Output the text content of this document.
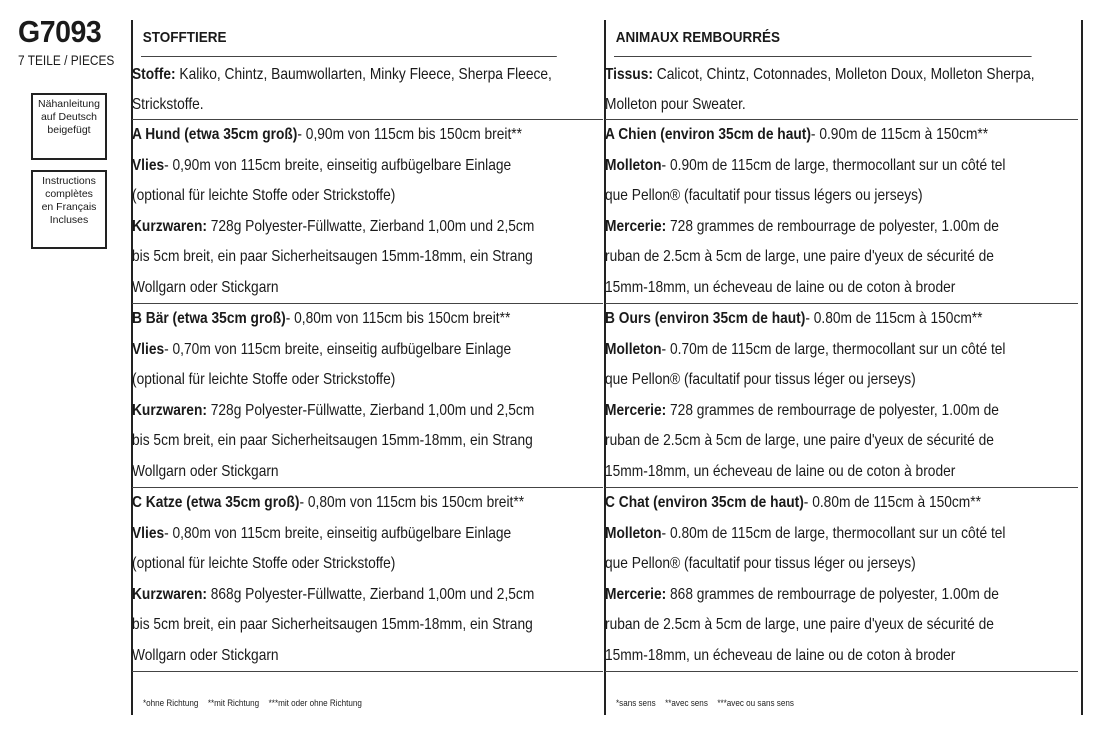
G7093
7 TEILE / PIECES
Nähanleitung
auf Deutsch
beigefügt
Instructions
complètes
en Français
Incluses
STOFFTIERE
Stoffe: Kaliko, Chintz, Baumwollarten, Minky Fleece, Sherpa Fleece,
Strickstoffe.
A Hund (etwa 35cm groß)- 0,90m von 115cm bis 150cm breit**
Vlies- 0,90m von 115cm breite, einseitig aufbügelbare Einlage
(optional für leichte Stoffe oder Strickstoffe)
Kurzwaren: 728g Polyester-Füllwatte, Zierband 1,00m und 2,5cm
bis 5cm breit, ein paar Sicherheitsaugen 15mm-18mm, ein Strang
Wollgarn oder Stickgarn
B Bär (etwa 35cm groß)- 0,80m von 115cm bis 150cm breit**
Vlies- 0,70m von 115cm breite, einseitig aufbügelbare Einlage
(optional für leichte Stoffe oder Strickstoffe)
Kurzwaren: 728g Polyester-Füllwatte, Zierband 1,00m und 2,5cm
bis 5cm breit, ein paar Sicherheitsaugen 15mm-18mm, ein Strang
Wollgarn oder Stickgarn
C Katze (etwa 35cm groß)- 0,80m von 115cm bis 150cm breit**
Vlies- 0,80m von 115cm breite, einseitig aufbügelbare Einlage
(optional für leichte Stoffe oder Strickstoffe)
Kurzwaren: 868g Polyester-Füllwatte, Zierband 1,00m und 2,5cm
bis 5cm breit, ein paar Sicherheitsaugen 15mm-18mm, ein Strang
Wollgarn oder Stickgarn
ANIMAUX REMBOURRÉS
Tissus: Calicot, Chintz, Cotonnades, Molleton Doux, Molleton Sherpa,
Molleton pour Sweater.
A Chien (environ 35cm de haut)- 0.90m de 115cm à 150cm**
Molleton- 0.90m de 115cm de large, thermocollant sur un côté tel
que Pellon® (facultatif pour tissus légers ou jerseys)
Mercerie: 728 grammes de rembourrage de polyester, 1.00m de
ruban de 2.5cm à 5cm de large, une paire d'yeux de sécurité de
15mm-18mm, un écheveau de laine ou de coton à broder
B Ours (environ 35cm de haut)- 0.80m de 115cm à 150cm**
Molleton- 0.70m de 115cm de large, thermocollant sur un côté tel
que Pellon® (facultatif pour tissus léger ou jerseys)
Mercerie: 728 grammes de rembourrage de polyester, 1.00m de
ruban de 2.5cm à 5cm de large, une paire d'yeux de sécurité de
15mm-18mm, un écheveau de laine ou de coton à broder
C Chat (environ 35cm de haut)- 0.80m de 115cm à 150cm**
Molleton- 0.80m de 115cm de large, thermocollant sur un côté tel
que Pellon® (facultatif pour tissus léger ou jerseys)
Mercerie: 868 grammes de rembourrage de polyester, 1.00m de
ruban de 2.5cm à 5cm de large, une paire d'yeux de sécurité de
15mm-18mm, un écheveau de laine ou de coton à broder
*ohne Richtung **mit Richtung ***mit oder ohne Richtung	*sans sens **avec sens ***avec ou sans sens
